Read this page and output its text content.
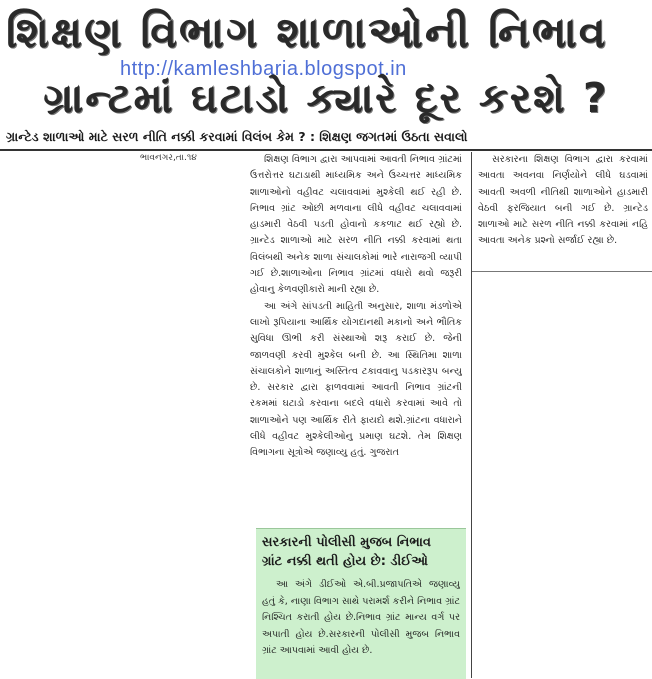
શિક્ષણ વિભાગ શાળાઓની નિભાવ
http://kamleshbaria.blogspot.in
ગ્રાન્ટમાં ઘટાડો ક્યારે દૂર કરશે ?
ગ્રાન્ટેડ શાળાઓ માટે સરળ નીતિ નક્કી કરવામાં વિલંબ કેમ ? : શિક્ષણ જગતમાં ઉઠતા સવાલો
ભાવનગર,તા.૧૪	શિક્ષણ વિભાગ દ્વારા આપવામાં આવતી નિભાવ ગ્રાંટમાં ઉત્તરોત્તર ઘટાડાથી માધ્યમિક અને ઉચ્ચત્તર માધ્યમિક શાળાઓનો વહીવટ ચલાવવામાં મુશ્કેલી થઈ રહી છે. નિભાવ ગ્રાંટ ઓછી મળવાના લીધે વહીવટ ચલાવવામાં હાડમારી વેઠવી પડતી હોવાનો કકળાટ થઈ રહ્યો છે. ગ્રાન્ટેડ શાળાઓ માટે સરળ નીતિ નક્કી કરવામાં થતા વિલંબથી અનેક શાળા સંચાલકોમાં ભારે નારાજગી વ્યાપી ગઈ છે.શાળાઓના નિભાવ ગ્રાંટમાં વધારો થવો જરૂરી હોવાનુ કેળવણીકારો માની રહ્યા છે.

આ અંગે સાંપડતી માહિતી અનુસાર, શાળા મંડળોએ લાખો રૂપિયાના આર્થિક યોગદાનથી મકાનો અને ભૌતિક સુવિધા ઊભી કરી સંસ્થાઓ શરૂ કરાઈ છે. જેની જાળવણી કરવી મુશ્કેલ બની છે. આ સ્થિતિમા શાળા સંચાલકોને શાળાનું અસ્તિત્વ ટકાવવાનુ પડકારરૂપ બન્યુ છે. સરકાર દ્વારા ફાળવવામાં આવતી નિભાવ ગ્રાંટની રકમમાં ઘટાડો કરવાના બદલે વધારો કરવામાં આવે તો શાળાઓને પણ આર્થિક રીતે ફાયદો થશે.ગ્રાંટના વધારાને લીધે વહીવટ મુશ્કેલીઓનુ પ્રમાણ ઘટશે. તેમ શિક્ષણ વિભાગના સૂત્રોએ જણાવ્યુ હતું. ગુજરાત

સરકારના શિક્ષણ વિભાગ દ્વારા કરવામાં આવતા અવનવા નિર્ણયોને લીધે ઘડવામાં આવતી અવળી નીતિથી શાળાઓને હાડમારી વેઠવી ફરજિયાત બની ગઈ છે. ગ્રાન્ટેડ શાળાઓ માટે સરળ નીતિ નક્કી કરવામાં નહિ આવતા અનેક પ્રશ્નો સર્જાઈ રહ્યા છે.

સરકારની પોલીસી મુજબ નિભાવ
ગ્રાંટ નક્કી થતી હોય છે: ડીઈઓ

આ અંગે ડીઈઓ એ.બી.પ્રજાપતિએ જણાવ્યુ હતું કે, નાણા વિભાગ સાથે પરામર્શ કરીને નિભાવ ગ્રાંટ નિશ્ચિત કરાતી હોય છે.નિભાવ ગ્રાંટ માન્ય વર્ગ પર અપાતી હોય છે.સરકારની પોલીસી મુજબ નિભાવ ગ્રાંટ આપવામાં આવી હોય છે.
